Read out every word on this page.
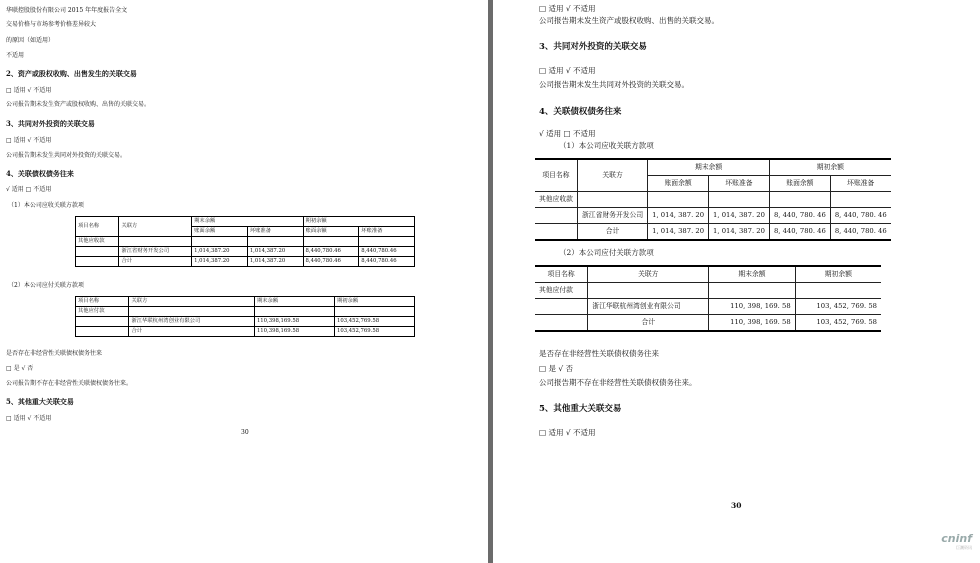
华联控股股份有限公司 2015 年年度报告全文
交易价格与市场参考价格差异较大
的原因（如适用）
不适用
2、资产或股权收购、出售发生的关联交易
□ 适用 √ 不适用
公司报告期未发生资产或股权收购、出售的关联交易。
3、共同对外投资的关联交易
□ 适用 √ 不适用
公司报告期未发生共同对外投资的关联交易。
4、关联债权债务往来
√ 适用 □ 不适用
（1）本公司应收关联方款项
项目名称	关联方	期末余额		期初余额	
		账面余额	坏账准备	账面余额	坏账准备
其他应收款					
	浙江省财务开发公司	1,014,387.20	1,014,387.20	8,440,780.46	8,440,780.46
	合计	1,014,387.20	1,014,387.20	8,440,780.46	8,440,780.46
（2）本公司应付关联方款项
项目名称	关联方	期末余额	期初余额
其他应付款			
	浙江华联杭州湾创业有限公司	110,398,169.58	103,452,769.58
	合计	110,398,169.58	103,452,769.58
是否存在非经营性关联债权债务往来
□ 是 √ 否
公司报告期不存在非经营性关联债权债务往来。
5、其他重大关联交易
□ 适用 √ 不适用
30
□ 适用 √ 不适用
公司报告期未发生资产或股权收购、出售的关联交易。
3、共同对外投资的关联交易
□ 适用 √ 不适用
公司报告期未发生共同对外投资的关联交易。
4、关联债权债务往来
√ 适用 □ 不适用
（1）本公司应收关联方款项
项目名称	关联方	期末余额		期初余额	
		账面余额	坏账准备	账面余额	坏账准备
其他应收款					
	浙江省财务开发公司	1, 014, 387. 20	1, 014, 387. 20	8, 440, 780. 46	8, 440, 780. 46
	合计	1, 014, 387. 20	1, 014, 387. 20	8, 440, 780. 46	8, 440, 780. 46
（2）本公司应付关联方款项
项目名称	关联方	期末余额	期初余额
其他应付款			
	浙江华联杭州湾创业有限公司	110, 398, 169. 58	103, 452, 769. 58
	合计	110, 398, 169. 58	103, 452, 769. 58
是否存在非经营性关联债权债务往来
□ 是 √ 否
公司报告期不存在非经营性关联债权债务往来。
5、其他重大关联交易
□ 适用 √ 不适用
30
cninf
巨潮资讯
